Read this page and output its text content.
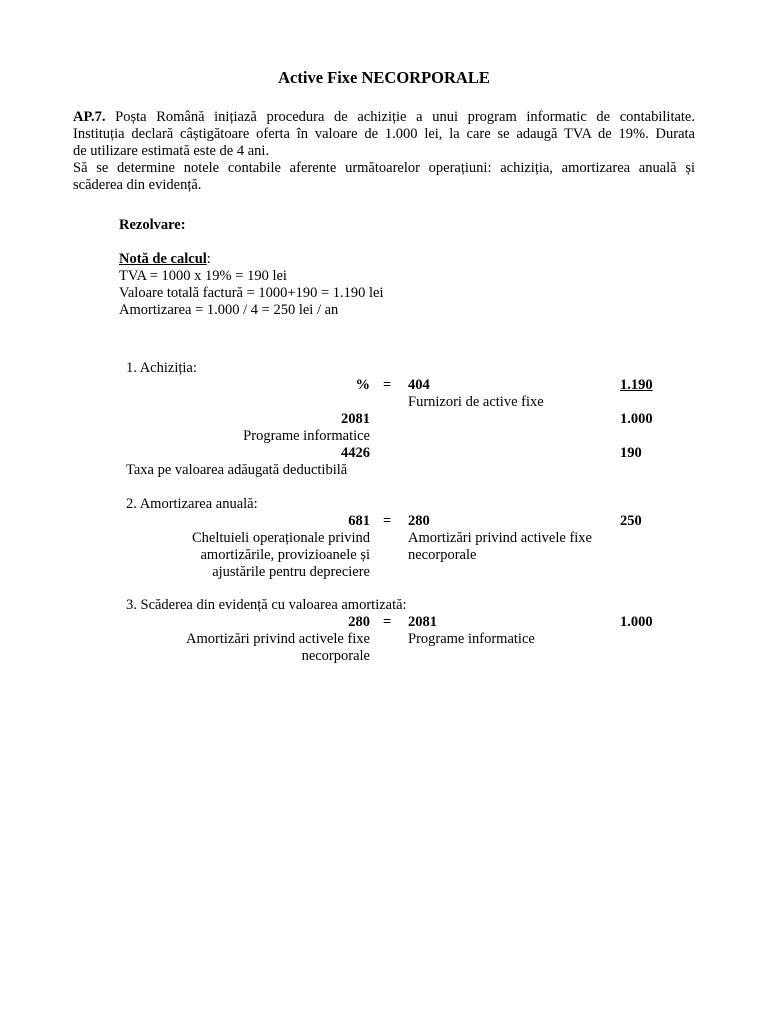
Active Fixe NECORPORALE

AP.7. Poșta Română inițiază procedura de achiziție a unui program informatic de contabilitate.

Instituția declară câștigătoare oferta în valoare de 1.000 lei, la care se adaugă TVA de 19%. Durata

de utilizare estimată este de 4 ani.

Să se determine notele contabile aferente următoarelor operațiuni: achiziția, amortizarea anuală și

scăderea din evidență.

Rezolvare:
Notă de calcul:
TVA = 1000 x 19% = 190 lei
Valoare totală factură = 1000+190 = 1.190 lei
Amortizarea = 1.000 / 4 = 250 lei / an
1. Achiziția:
% = 404	1.190
Furnizori de active fixe
2081	1.000
Programe informatice
4426	190
Taxa pe valoarea adăugată deductibilă
2. Amortizarea anuală:
681 = 280	250
Cheltuieli operaționale privind	Amortizări privind activele fixe
amortizările, provizioanele și	necorporale
ajustările pentru depreciere
3. Scăderea din evidență cu valoarea amortizată:
280 = 2081	1.000
Amortizări privind activele fixe	Programe informatice
necorporale
